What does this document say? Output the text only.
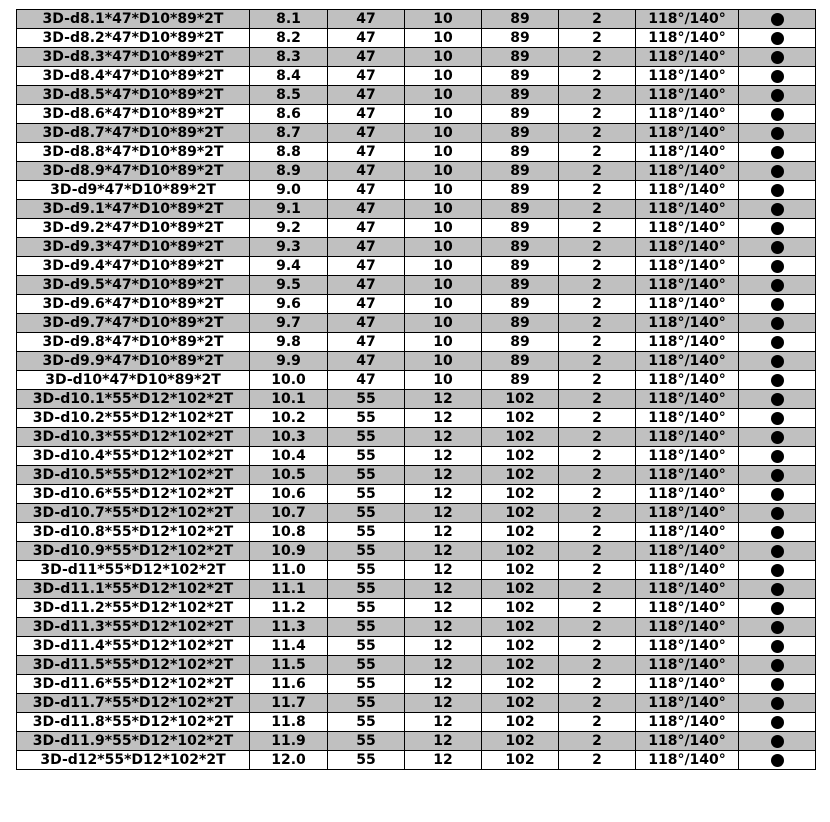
3D-d8.1*47*D10*89*2T	8.1	47	10	89	2	118°/140°	
3D-d8.2*47*D10*89*2T	8.2	47	10	89	2	118°/140°	
3D-d8.3*47*D10*89*2T	8.3	47	10	89	2	118°/140°	
3D-d8.4*47*D10*89*2T	8.4	47	10	89	2	118°/140°	
3D-d8.5*47*D10*89*2T	8.5	47	10	89	2	118°/140°	
3D-d8.6*47*D10*89*2T	8.6	47	10	89	2	118°/140°	
3D-d8.7*47*D10*89*2T	8.7	47	10	89	2	118°/140°	
3D-d8.8*47*D10*89*2T	8.8	47	10	89	2	118°/140°	
3D-d8.9*47*D10*89*2T	8.9	47	10	89	2	118°/140°	
3D-d9*47*D10*89*2T	9.0	47	10	89	2	118°/140°	
3D-d9.1*47*D10*89*2T	9.1	47	10	89	2	118°/140°	
3D-d9.2*47*D10*89*2T	9.2	47	10	89	2	118°/140°	
3D-d9.3*47*D10*89*2T	9.3	47	10	89	2	118°/140°	
3D-d9.4*47*D10*89*2T	9.4	47	10	89	2	118°/140°	
3D-d9.5*47*D10*89*2T	9.5	47	10	89	2	118°/140°	
3D-d9.6*47*D10*89*2T	9.6	47	10	89	2	118°/140°	
3D-d9.7*47*D10*89*2T	9.7	47	10	89	2	118°/140°	
3D-d9.8*47*D10*89*2T	9.8	47	10	89	2	118°/140°	
3D-d9.9*47*D10*89*2T	9.9	47	10	89	2	118°/140°	
3D-d10*47*D10*89*2T	10.0	47	10	89	2	118°/140°	
3D-d10.1*55*D12*102*2T	10.1	55	12	102	2	118°/140°	
3D-d10.2*55*D12*102*2T	10.2	55	12	102	2	118°/140°	
3D-d10.3*55*D12*102*2T	10.3	55	12	102	2	118°/140°	
3D-d10.4*55*D12*102*2T	10.4	55	12	102	2	118°/140°	
3D-d10.5*55*D12*102*2T	10.5	55	12	102	2	118°/140°	
3D-d10.6*55*D12*102*2T	10.6	55	12	102	2	118°/140°	
3D-d10.7*55*D12*102*2T	10.7	55	12	102	2	118°/140°	
3D-d10.8*55*D12*102*2T	10.8	55	12	102	2	118°/140°	
3D-d10.9*55*D12*102*2T	10.9	55	12	102	2	118°/140°	
3D-d11*55*D12*102*2T	11.0	55	12	102	2	118°/140°	
3D-d11.1*55*D12*102*2T	11.1	55	12	102	2	118°/140°	
3D-d11.2*55*D12*102*2T	11.2	55	12	102	2	118°/140°	
3D-d11.3*55*D12*102*2T	11.3	55	12	102	2	118°/140°	
3D-d11.4*55*D12*102*2T	11.4	55	12	102	2	118°/140°	
3D-d11.5*55*D12*102*2T	11.5	55	12	102	2	118°/140°	
3D-d11.6*55*D12*102*2T	11.6	55	12	102	2	118°/140°	
3D-d11.7*55*D12*102*2T	11.7	55	12	102	2	118°/140°	
3D-d11.8*55*D12*102*2T	11.8	55	12	102	2	118°/140°	
3D-d11.9*55*D12*102*2T	11.9	55	12	102	2	118°/140°	
3D-d12*55*D12*102*2T	12.0	55	12	102	2	118°/140°	
